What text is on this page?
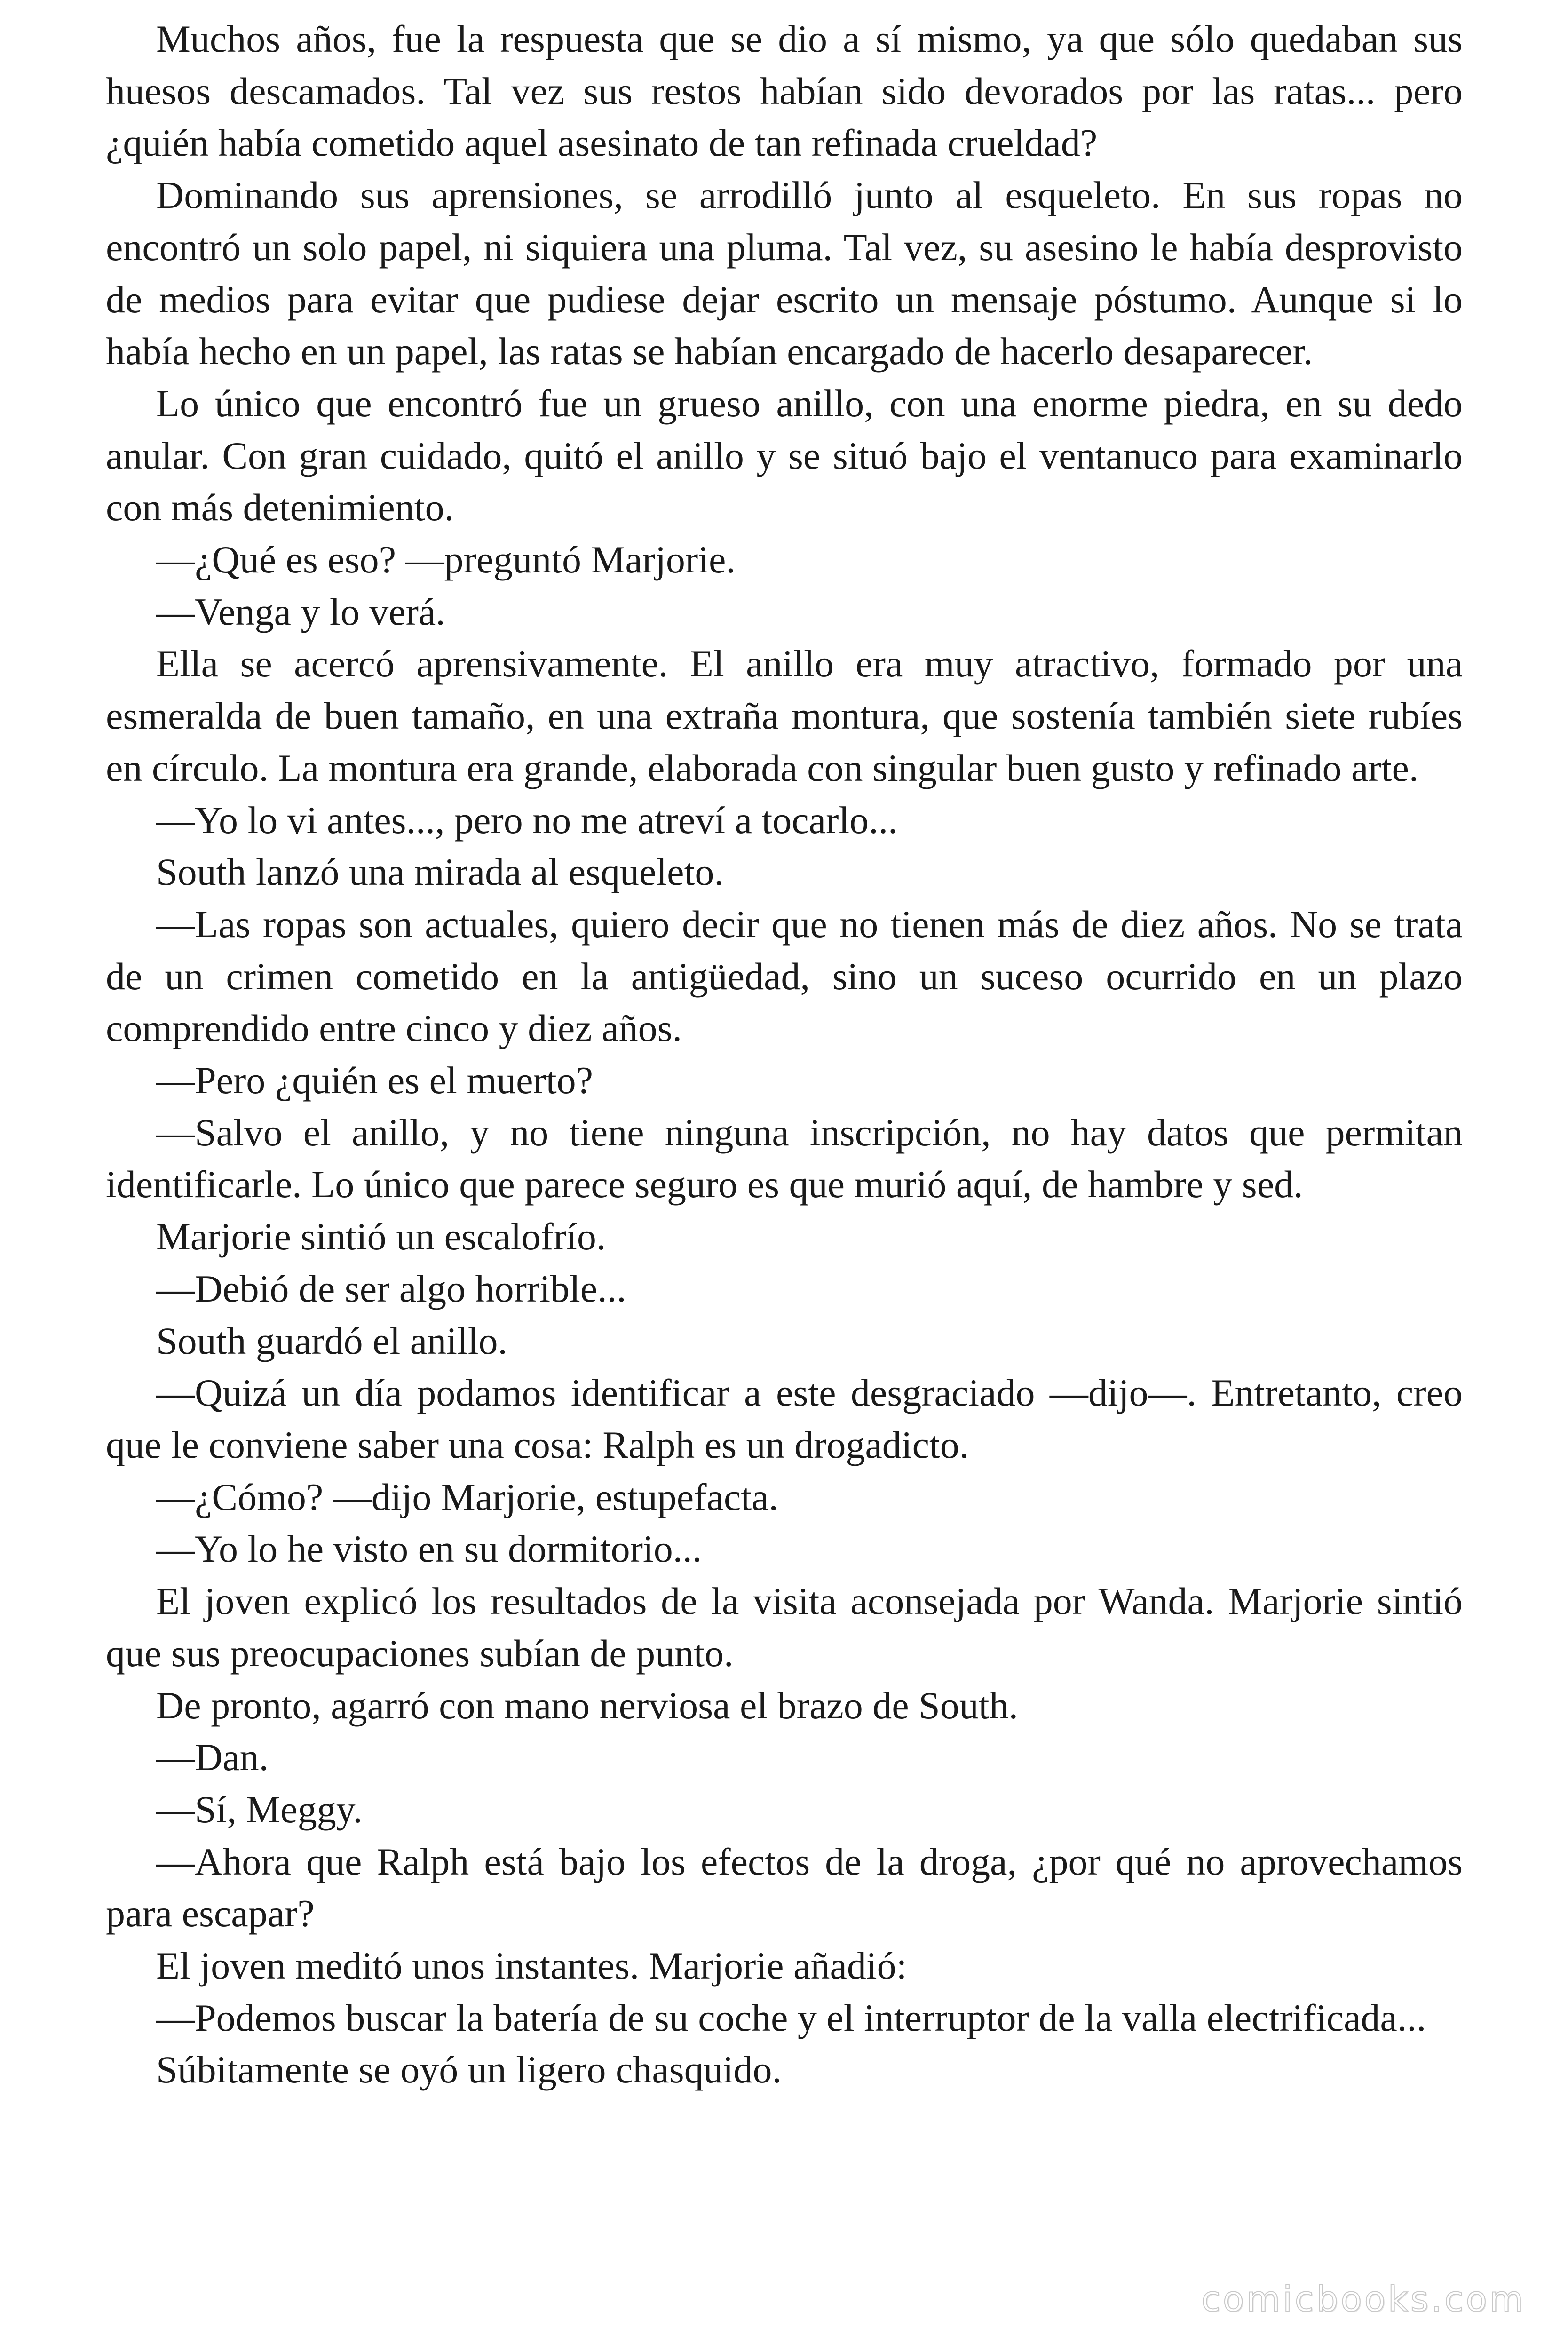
Muchos años, fue la respuesta que se dio a sí mismo, ya que sólo quedaban sus huesos descamados. Tal vez sus restos habían sido devorados por las ratas... pero ¿quién había cometido aquel asesinato de tan refinada crueldad?

Dominando sus aprensiones, se arrodilló junto al esqueleto. En sus ropas no encontró un solo papel, ni siquiera una pluma. Tal vez, su asesino le había desprovisto de medios para evitar que pudiese dejar escrito un mensaje póstumo. Aunque si lo había hecho en un papel, las ratas se habían encargado de hacerlo desaparecer.

Lo único que encontró fue un grueso anillo, con una enorme piedra, en su dedo anular. Con gran cuidado, quitó el anillo y se situó bajo el ventanuco para examinarlo con más detenimiento.

—¿Qué es eso? —preguntó Marjorie.

—Venga y lo verá.

Ella se acercó aprensivamente. El anillo era muy atractivo, formado por una esmeralda de buen tamaño, en una extraña montura, que sostenía también siete rubíes en círculo. La montura era grande, elaborada con singular buen gusto y refinado arte.

—Yo lo vi antes..., pero no me atreví a tocarlo...

South lanzó una mirada al esqueleto.

—Las ropas son actuales, quiero decir que no tienen más de diez años. No se trata de un crimen cometido en la antigüedad, sino un suceso ocurrido en un plazo comprendido entre cinco y diez años.

—Pero ¿quién es el muerto?

—Salvo el anillo, y no tiene ninguna inscripción, no hay datos que permitan identificarle. Lo único que parece seguro es que murió aquí, de hambre y sed.

Marjorie sintió un escalofrío.

—Debió de ser algo horrible...

South guardó el anillo.

—Quizá un día podamos identificar a este desgraciado —dijo—. Entretanto, creo que le conviene saber una cosa: Ralph es un drogadicto.

—¿Cómo? —dijo Marjorie, estupefacta.

—Yo lo he visto en su dormitorio...

El joven explicó los resultados de la visita aconsejada por Wanda. Marjorie sintió que sus preocupaciones subían de punto.

De pronto, agarró con mano nerviosa el brazo de South.

—Dan.

—Sí, Meggy.

—Ahora que Ralph está bajo los efectos de la droga, ¿por qué no aprovechamos para escapar?

El joven meditó unos instantes. Marjorie añadió:

—Podemos buscar la batería de su coche y el interruptor de la valla electrificada...

Súbitamente se oyó un ligero chasquido.

comicbooks.com
